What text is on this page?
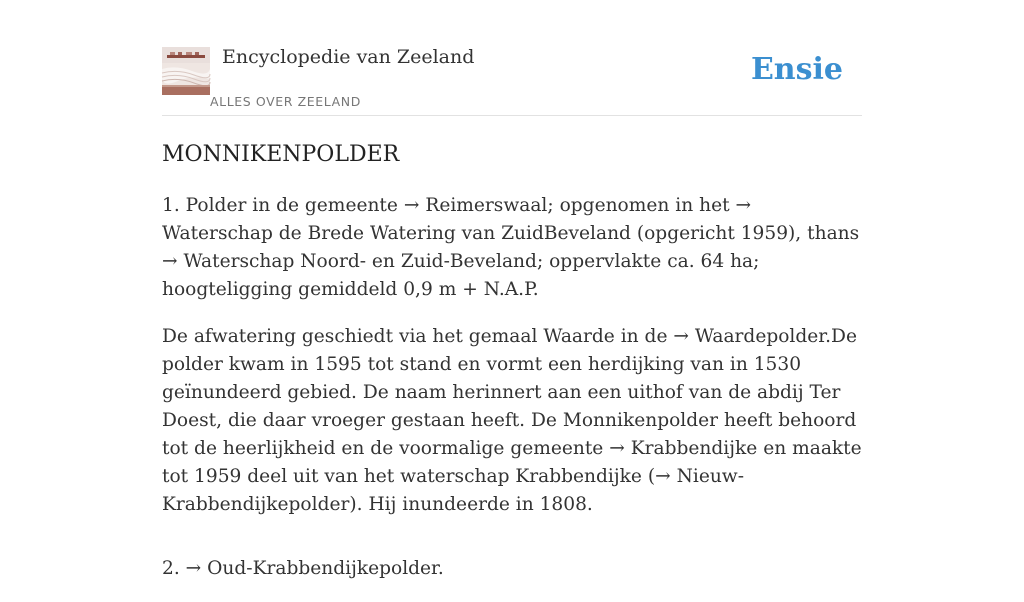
Encyclopedie van Zeeland
ALLES OVER ZEELAND
Ensie
MONNIKENPOLDER

1. Polder in de gemeente → Reimerswaal; opgenomen in het → Waterschap de Brede Watering van ZuidBeveland (opgericht 1959), thans → Waterschap Noord- en Zuid-Beveland; oppervlakte ca. 64 ha; hoogteligging gemiddeld 0,9 m + N.A.P.

De afwatering geschiedt via het gemaal Waarde in de → Waardepolder.De polder kwam in 1595 tot stand en vormt een herdijking van in 1530 geïnundeerd gebied. De naam herinnert aan een uithof van de abdij Ter Doest, die daar vroeger gestaan heeft. De Monnikenpolder heeft behoord tot de heerlijkheid en de voormalige gemeente → Krabbendijke en maakte tot 1959 deel uit van het waterschap Krabbendijke (→ Nieuw-Krabbendijkepolder). Hij inundeerde in 1808.

2. → Oud-Krabbendijkepolder.
